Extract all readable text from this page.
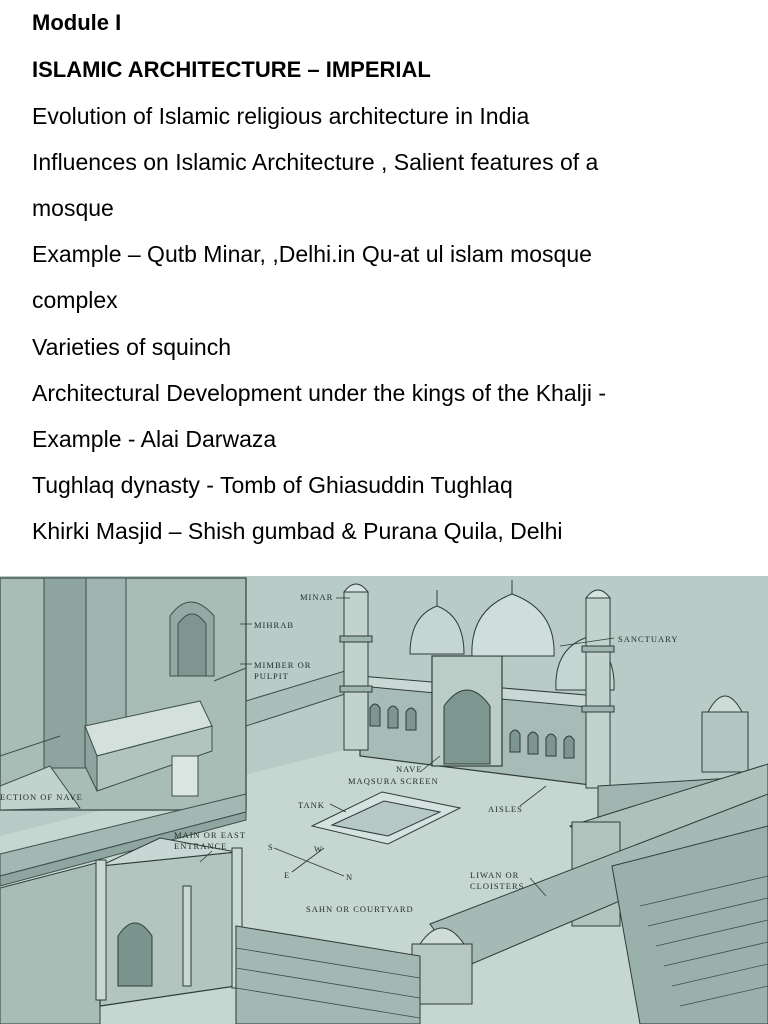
Module I
ISLAMIC ARCHITECTURE – IMPERIAL
Evolution of Islamic religious architecture in India
Influences on Islamic Architecture , Salient features of a
mosque
Example – Qutb Minar, ,Delhi.in Qu-at ul islam mosque
complex
Varieties of squinch
Architectural Development under the kings of the Khalji -
Example - Alai Darwaza
Tughlaq dynasty - Tomb of Ghiasuddin Tughlaq
Khirki Masjid – Shish gumbad & Purana Quila, Delhi
MINAR
MIHRAB
MIMBER OR
PULPIT
SANCTUARY
NAVE
MAQSURA SCREEN
ECTION OF NAVE
TANK	AISLES
MAIN OR EAST
ENTRANCE
LIWAN OR
CLOISTERS
SAHN OR COURTYARD
S	W
E	N
